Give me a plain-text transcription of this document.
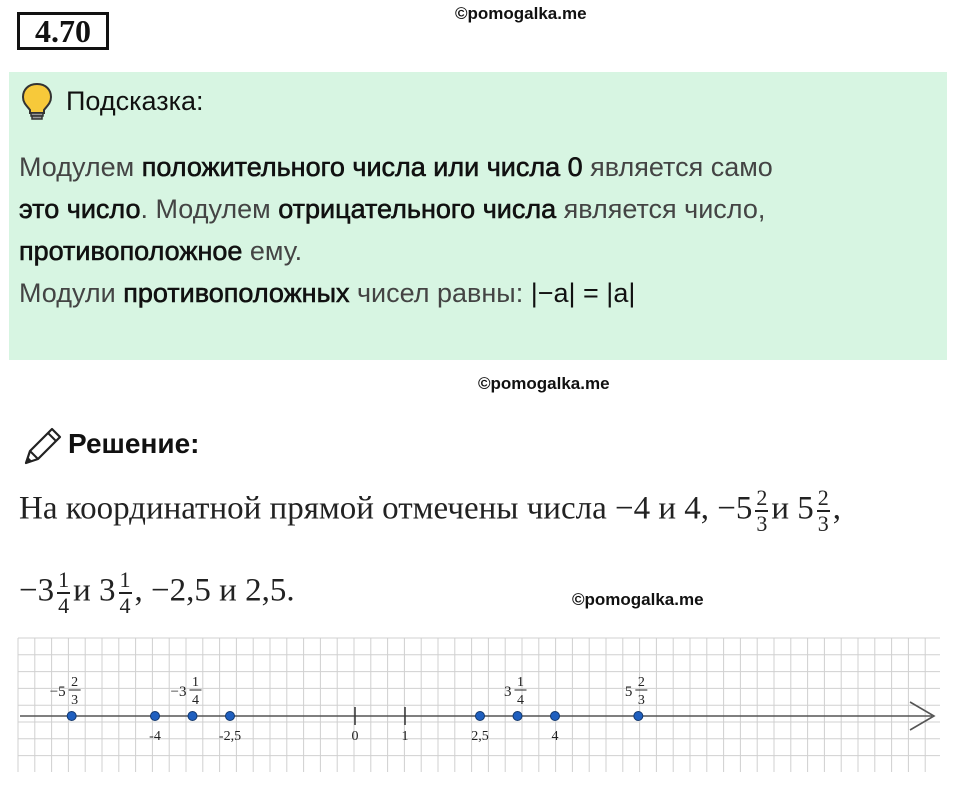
4.70	©pomogalka.me
Подсказка:
Модулем положительного числа или числа 0 является само
это число. Модулем отрицательного числа является число,
противоположное ему.
Модули противоположных чисел равны: |−a| = |a|
©pomogalka.me
Решение:
На координатной прямой отмечены числа −4 и 4, $-5 \frac{2}{3}$ и $5 \frac{2}{3}$ ,
$-3 \frac{1}{4}$ и $3 \frac{1}{4}$ , −2,5 и 2,5.	©pomogalka.me
0	1
−5
2
3
-4
−3
1
4
-2,5	2,5
3
1
4
4
5
2
3
